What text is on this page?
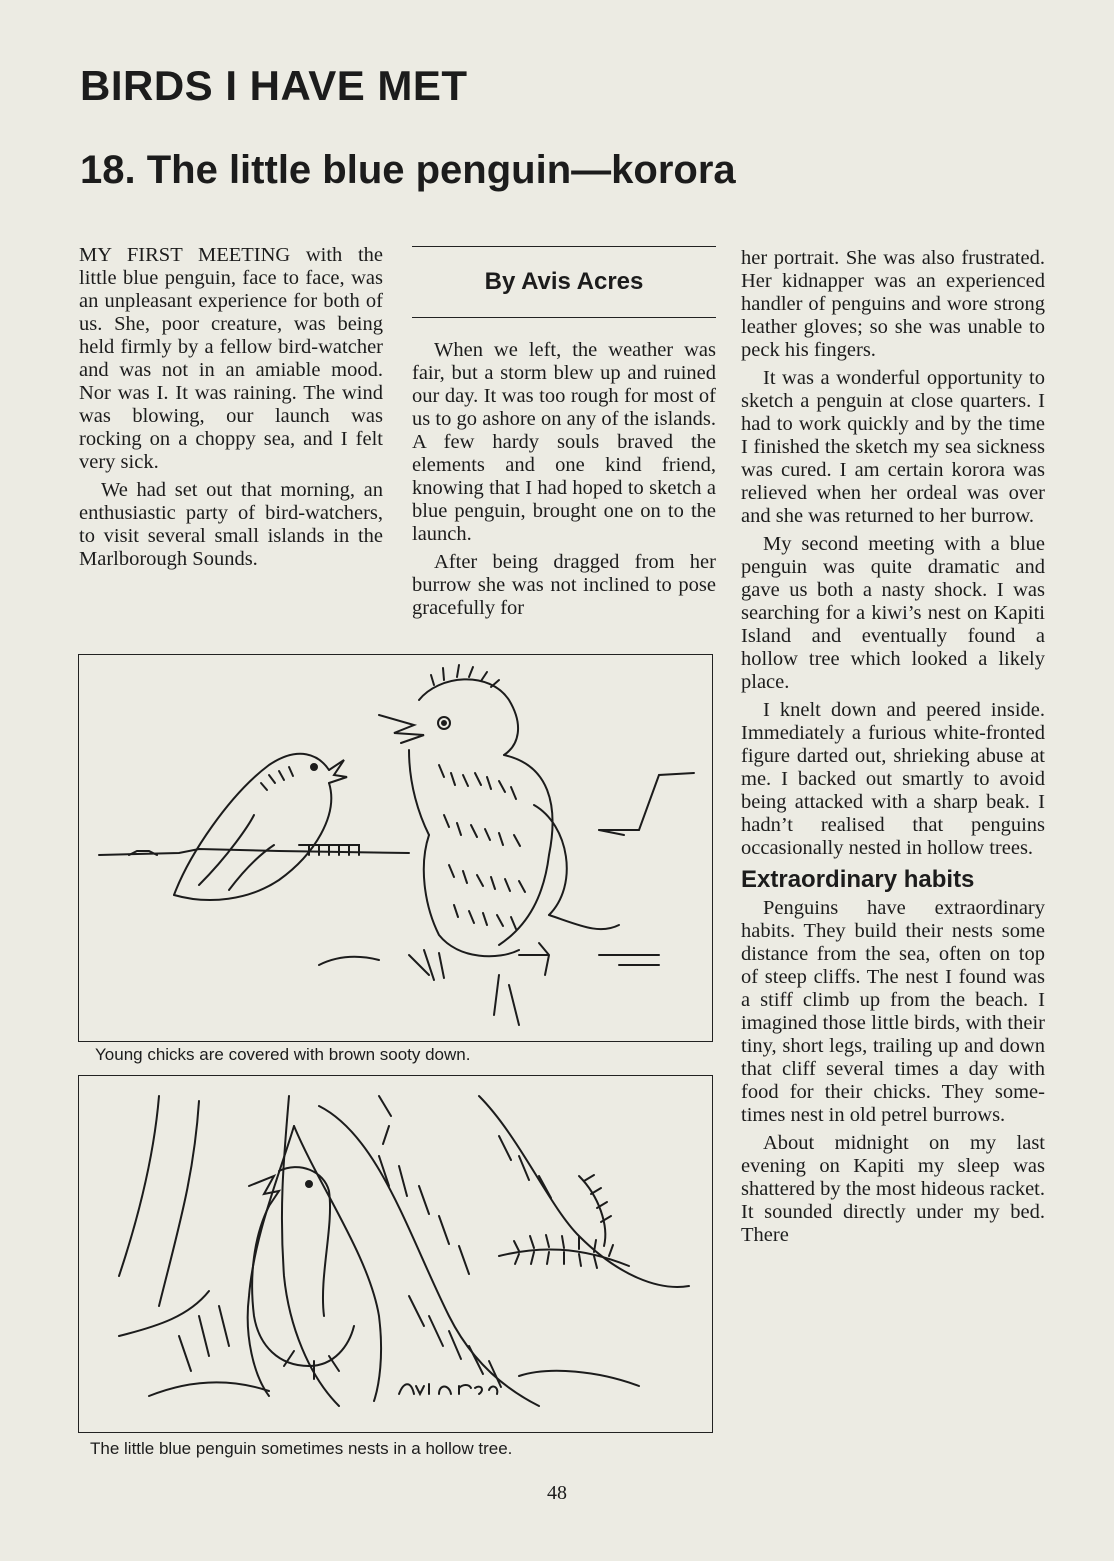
BIRDS I HAVE MET
18. The little blue penguin—korora

MY FIRST MEETING with the little blue penguin, face to face, was an unpleasant experience for both of us. She, poor creature, was being held firmly by a fellow bird-watcher and was not in an amiable mood. Nor was I. It was raining. The wind was blowing, our launch was rocking on a choppy sea, and I felt very sick.

We had set out that morning, an enthusiastic party of bird-watchers, to visit several small islands in the Marlborough Sounds.

By Avis Acres

When we left, the weather was fair, but a storm blew up and ruined our day. It was too rough for most of us to go ashore on any of the islands. A few hardy souls braved the elements and one kind friend, knowing that I had hoped to sketch a blue penguin, brought one on to the launch.

After being dragged from her burrow she was not inclined to pose gracefully for

her portrait. She was also frustrated. Her kidnapper was an experienced handler of penguins and wore strong leather gloves; so she was unable to peck his fingers.

It was a wonderful opportunity to sketch a penguin at close quarters. I had to work quickly and by the time I finished the sketch my sea sickness was cured. I am certain korora was relieved when her ordeal was over and she was returned to her burrow.

My second meeting with a blue penguin was quite dramatic and gave us both a nasty shock. I was searching for a kiwi’s nest on Kapiti Island and eventually found a hollow tree which looked a likely place.

I knelt down and peered inside. Immediately a furious white-fronted figure darted out, shrieking abuse at me. I backed out smartly to avoid being attacked with a sharp beak. I hadn’t realised that penguins occasionally nested in hollow trees.

Extraordinary habits

Penguins have extraordinary habits. They build their nests some distance from the sea, often on top of steep cliffs. The nest I found was a stiff climb up from the beach. I imagined those little birds, with their tiny, short legs, trailing up and down that cliff several times a day with food for their chicks. They sometimes nest in old petrel burrows.

About midnight on my last evening on Kapiti my sleep was shattered by the most hideous racket. It sounded directly under my bed. There

Young chicks are covered with brown sooty down.
The little blue penguin sometimes nests in a hollow tree.
48
